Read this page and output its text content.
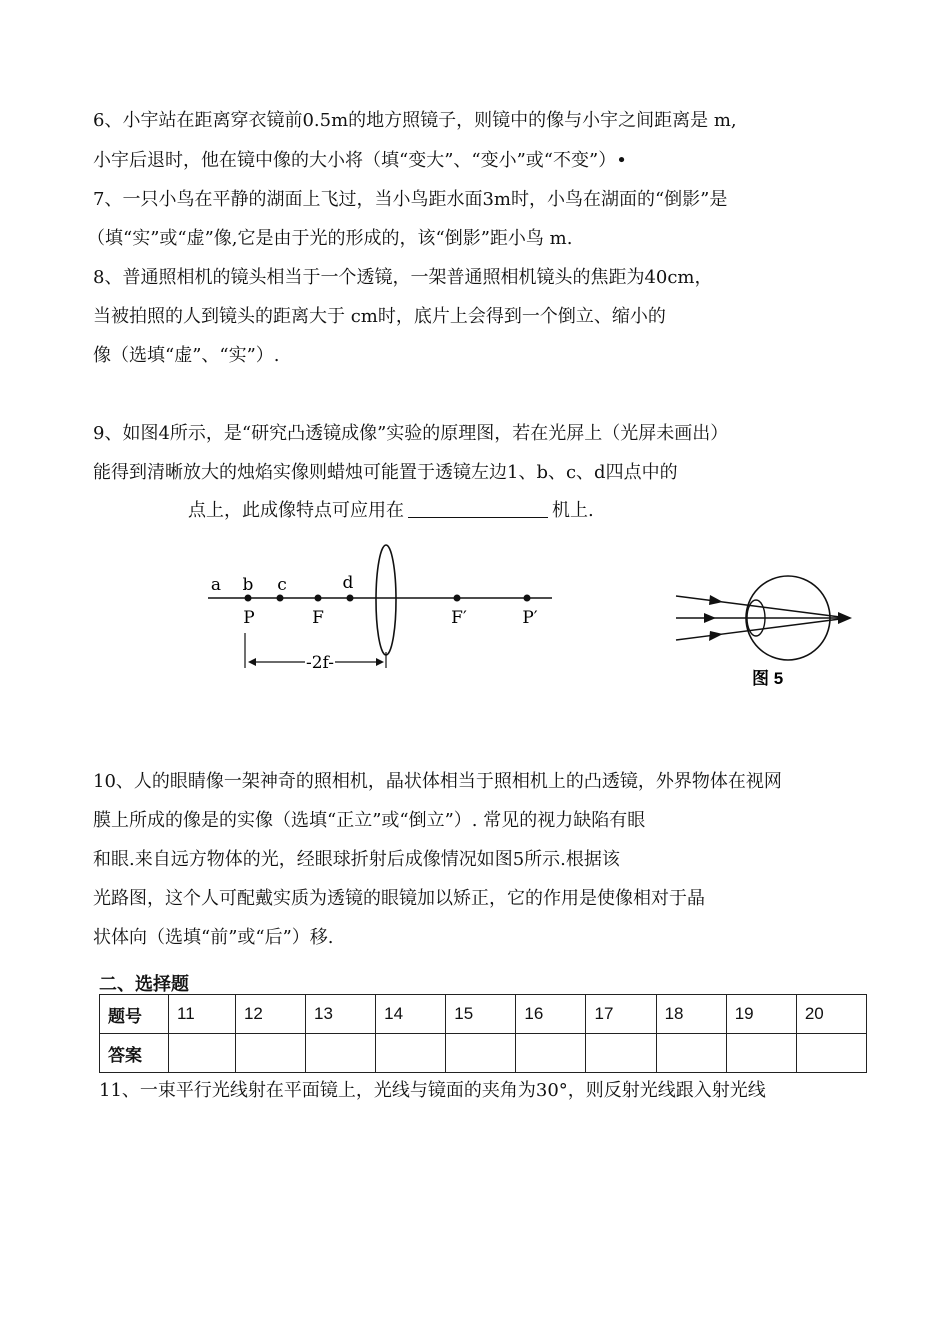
6、小宇站在距离穿衣镜前0.5m的地方照镜子，则镜中的像与小宇之间距离是 m,
小宇后退时，他在镜中像的大小将（填“变大”、“变小”或“不变”）•
7、一只小鸟在平静的湖面上飞过，当小鸟距水面3m时，小鸟在湖面的“倒影”是
（填“实”或“虚”像,它是由于光的形成的，该“倒影”距小鸟 m.
8、普通照相机的镜头相当于一个透镜，一架普通照相机镜头的焦距为40cm，
当被拍照的人到镜头的距离大于 cm时，底片上会得到一个倒立、缩小的
像（选填“虚”、“实”）.
9、如图4所示，是“研究凸透镜成像”实验的原理图，若在光屏上（光屏未画出）
能得到清晰放大的烛焰实像则蜡烛可能置于透镜左边1、b、c、d四点中的
点上，此成像特点可应用在	机上.
a b c	d
P	F	F′	P′
-2f-
图 5
10、人的眼睛像一架神奇的照相机，晶状体相当于照相机上的凸透镜，外界物体在视网
膜上所成的像是的实像（选填“正立”或“倒立”）. 常见的视力缺陷有眼
和眼.来自远方物体的光，经眼球折射后成像情况如图5所示.根据该
光路图，这个人可配戴实质为透镜的眼镜加以矫正，它的作用是使像相对于晶
状体向（选填“前”或“后”）移.
二、选择题
题号	11	12	13	14	15	16	17	18	19	20
答案										
11、一束平行光线射在平面镜上，光线与镜面的夹角为30°，则反射光线跟入射光线
